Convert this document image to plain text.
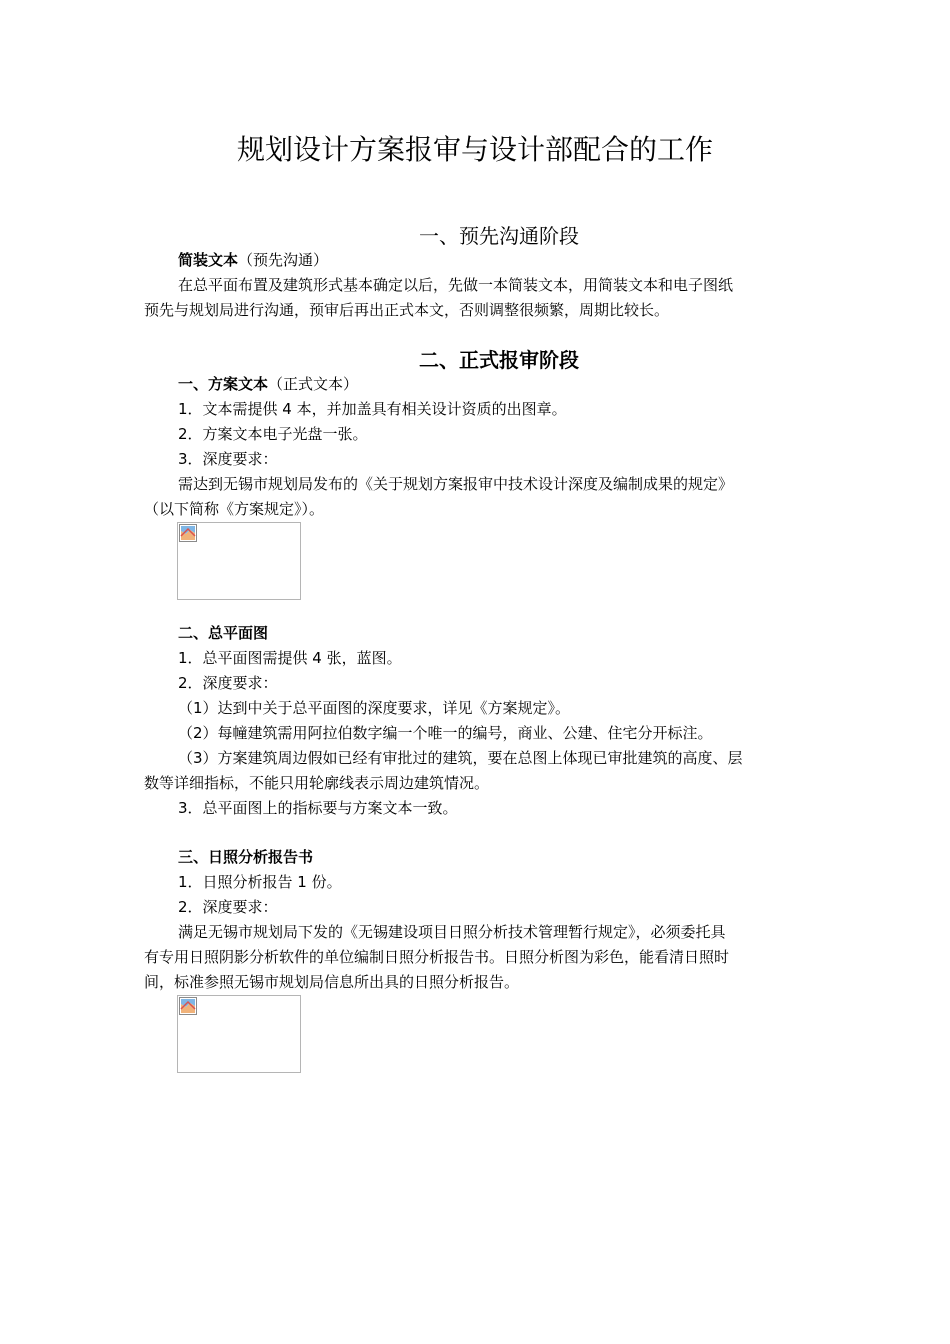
规划设计方案报审与设计部配合的工作
一、预先沟通阶段

简装文本（预先沟通）

在总平面布置及建筑形式基本确定以后，先做一本简装文本，用简装文本和电子图纸

预先与规划局进行沟通，预审后再出正式本文，否则调整很频繁，周期比较长。

二、正式报审阶段

一、方案文本（正式文本）

1．文本需提供 4 本，并加盖具有相关设计资质的出图章。

2．方案文本电子光盘一张。

3．深度要求：

需达到无锡市规划局发布的《关于规划方案报审中技术设计深度及编制成果的规定》

（以下简称《方案规定》）。

二、总平面图

1．总平面图需提供 4 张，蓝图。

2．深度要求：

（1）达到中关于总平面图的深度要求，详见《方案规定》。

（2）每幢建筑需用阿拉伯数字编一个唯一的编号，商业、公建、住宅分开标注。

（3）方案建筑周边假如已经有审批过的建筑，要在总图上体现已审批建筑的高度、层

数等详细指标，不能只用轮廓线表示周边建筑情况。

3．总平面图上的指标要与方案文本一致。

三、日照分析报告书

1．日照分析报告 1 份。

2．深度要求：

满足无锡市规划局下发的《无锡建设项目日照分析技术管理暂行规定》，必须委托具

有专用日照阴影分析软件的单位编制日照分析报告书。日照分析图为彩色，能看清日照时

间，标准参照无锡市规划局信息所出具的日照分析报告。
